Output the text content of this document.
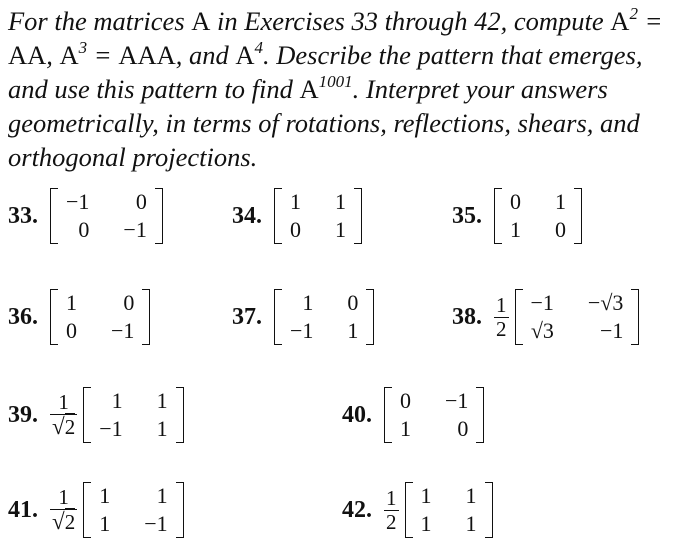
For the matrices A in Exercises 33 through 42, compute $A^2$ = AA, $A^3$ = AAA, and $A^4$. Describe the pattern that emerges, and use this pattern to find $A^{1001}$. Interpret your answers geometrically, in terms of rotations, reflections, shears, and orthogonal projections.
33.
−1	0
0	−1
34.
1	1
0	1
35.
0	1
1	0
36.
1	0
0	−1
37.
1	0
−1	1
38. $\frac{1}{2} -1$	−√3
√3	−1
39. $\frac{1}{√2} 1$	1
−1	1
40.
0	−1
1	0
41. $\frac{1}{√2} 1$	1
1	−1
42. $\frac{1}{2} 1$	1
1	1
